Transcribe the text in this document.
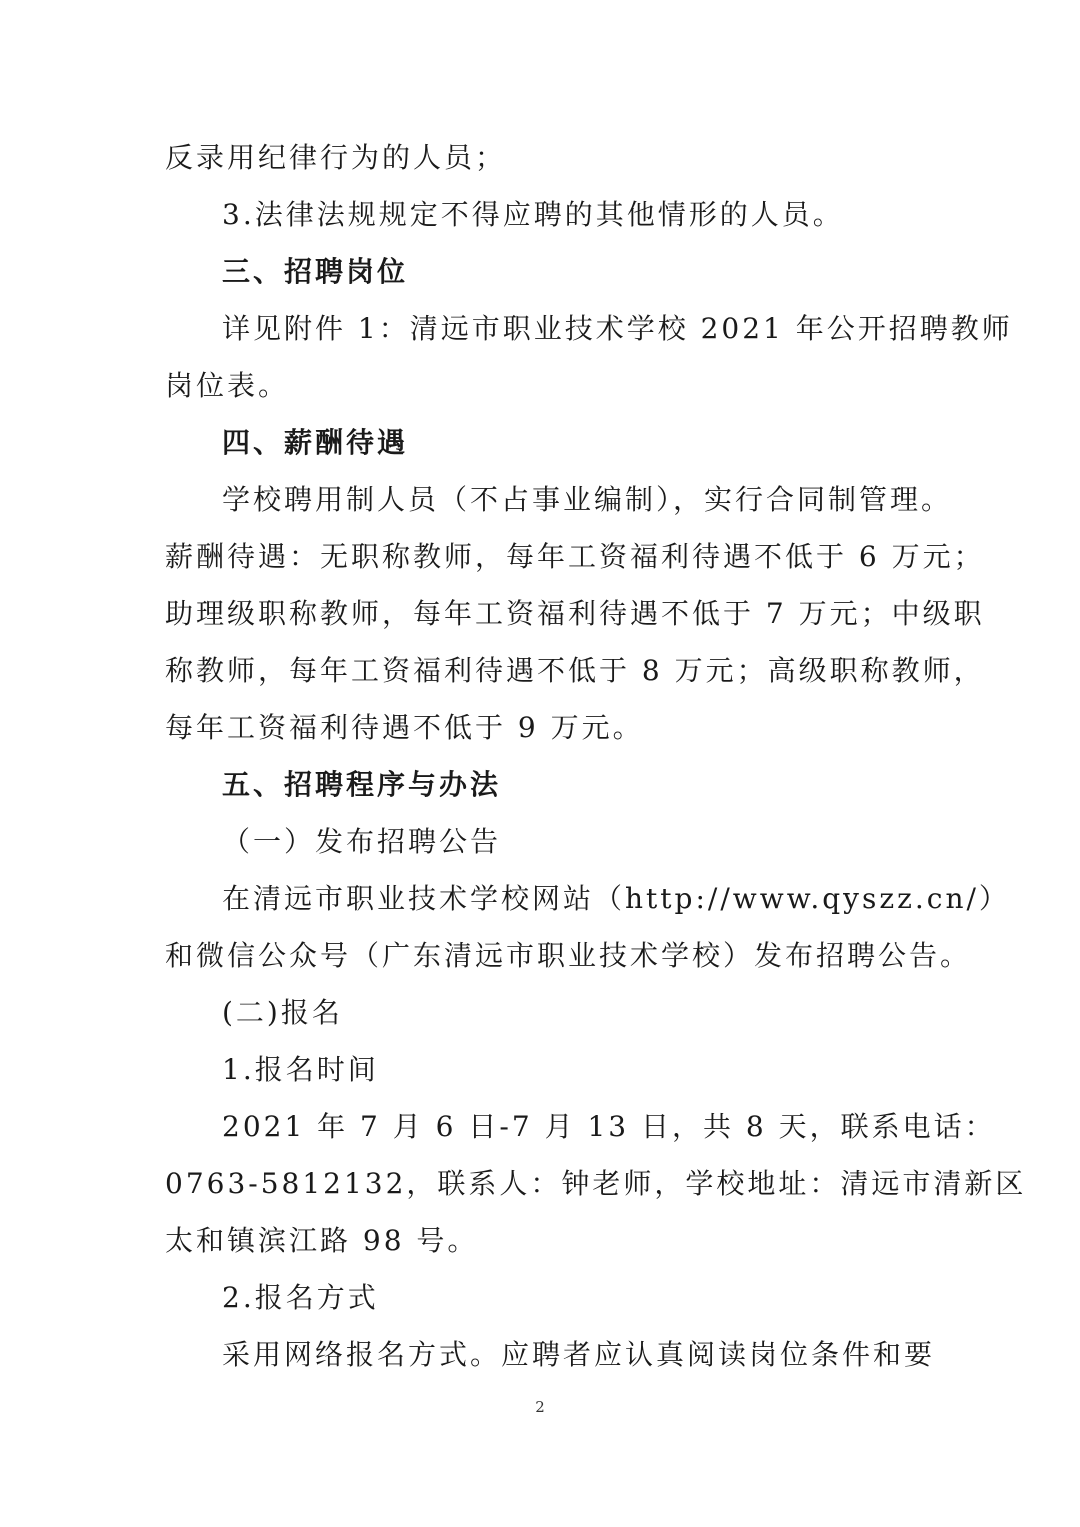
反录用纪律行为的人员；
3.法律法规规定不得应聘的其他情形的人员。
三、招聘岗位
详见附件 1：清远市职业技术学校 2021 年公开招聘教师
岗位表。
四、薪酬待遇
学校聘用制人员（不占事业编制），实行合同制管理。
薪酬待遇：无职称教师，每年工资福利待遇不低于 6 万元；
助理级职称教师，每年工资福利待遇不低于 7 万元；中级职
称教师，每年工资福利待遇不低于 8 万元；高级职称教师，
每年工资福利待遇不低于 9 万元。
五、招聘程序与办法
（一）发布招聘公告
在清远市职业技术学校网站（http://www.qyszz.cn/）
和微信公众号（广东清远市职业技术学校）发布招聘公告。
(二)报名
1.报名时间
2021 年 7 月 6 日-7 月 13 日，共 8 天，联系电话：
0763-5812132，联系人：钟老师，学校地址：清远市清新区
太和镇滨江路 98 号。
2.报名方式
采用网络报名方式。应聘者应认真阅读岗位条件和要
2
